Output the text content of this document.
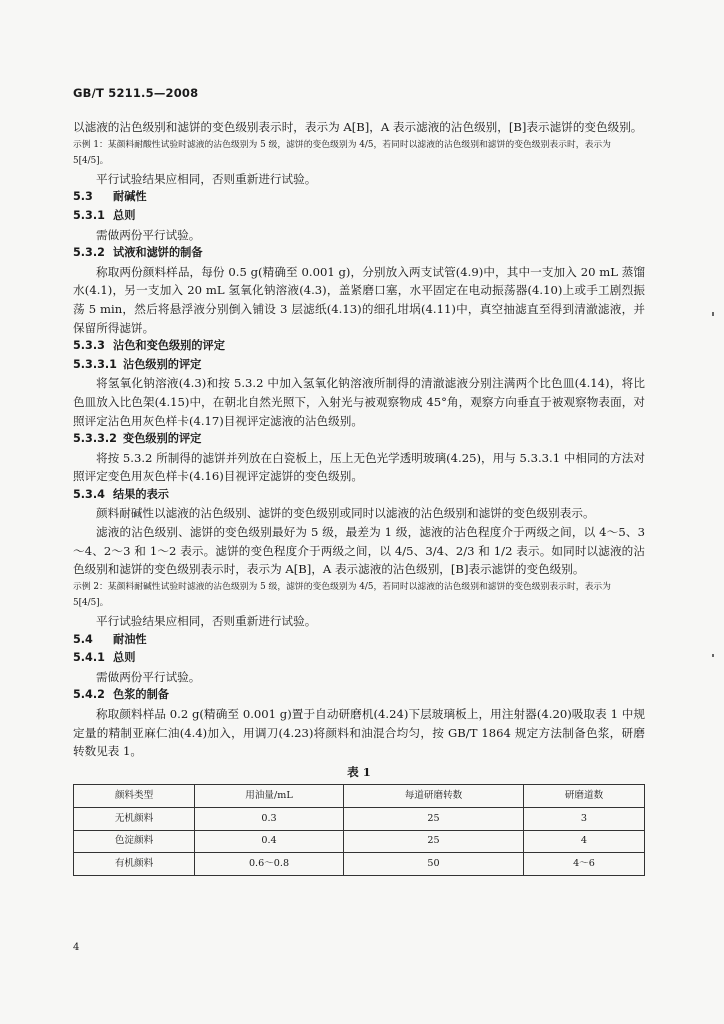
GB/T 5211.5—2008

以滤液的沾色级别和滤饼的变色级别表示时，表示为 A[B]，A 表示滤液的沾色级别，[B]表示滤饼的变色级别。

示例 1：某颜料耐酸性试验时滤液的沾色级别为 5 级，滤饼的变色级别为 4/5，若同时以滤液的沾色级别和滤饼的变色级别表示时，表示为 5[4/5]。

平行试验结果应相同，否则重新进行试验。

5.3 耐碱性

5.3.1 总则

需做两份平行试验。

5.3.2 试液和滤饼的制备

称取两份颜料样品，每份 0.5 g(精确至 0.001 g)，分别放入两支试管(4.9)中，其中一支加入 20 mL 蒸馏水(4.1)，另一支加入 20 mL 氢氧化钠溶液(4.3)，盖紧磨口塞，水平固定在电动振荡器(4.10)上或手工剧烈振荡 5 min，然后将悬浮液分别倒入铺设 3 层滤纸(4.13)的细孔坩埚(4.11)中，真空抽滤直至得到清澈滤液，并保留所得滤饼。

5.3.3 沾色和变色级别的评定

5.3.3.1 沾色级别的评定

将氢氧化钠溶液(4.3)和按 5.3.2 中加入氢氧化钠溶液所制得的清澈滤液分别注满两个比色皿(4.14)，将比色皿放入比色架(4.15)中，在朝北自然光照下，入射光与被观察物成 45°角，观察方向垂直于被观察物表面，对照评定沾色用灰色样卡(4.17)目视评定滤液的沾色级别。

5.3.3.2 变色级别的评定

将按 5.3.2 所制得的滤饼并列放在白瓷板上，压上无色光学透明玻璃(4.25)，用与 5.3.3.1 中相同的方法对照评定变色用灰色样卡(4.16)目视评定滤饼的变色级别。

5.3.4 结果的表示

颜料耐碱性以滤液的沾色级别、滤饼的变色级别或同时以滤液的沾色级别和滤饼的变色级别表示。

滤液的沾色级别、滤饼的变色级别最好为 5 级，最差为 1 级，滤液的沾色程度介于两级之间，以 4～5、3～4、2～3 和 1～2 表示。滤饼的变色程度介于两级之间，以 4/5、3/4、2/3 和 1/2 表示。如同时以滤液的沾色级别和滤饼的变色级别表示时，表示为 A[B]，A 表示滤液的沾色级别，[B]表示滤饼的变色级别。

示例 2：某颜料耐碱性试验时滤液的沾色级别为 5 级，滤饼的变色级别为 4/5，若同时以滤液的沾色级别和滤饼的变色级别表示时，表示为 5[4/5]。

平行试验结果应相同，否则重新进行试验。

5.4 耐油性

5.4.1 总则

需做两份平行试验。

5.4.2 色浆的制备

称取颜料样品 0.2 g(精确至 0.001 g)置于自动研磨机(4.24)下层玻璃板上，用注射器(4.20)吸取表 1 中规定量的精制亚麻仁油(4.4)加入，用调刀(4.23)将颜料和油混合均匀，按 GB/T 1864 规定方法制备色浆，研磨转数见表 1。

表 1
颜料类型	用油量/mL	每道研磨转数	研磨道数
无机颜料	0.3	25	3
色淀颜料	0.4	25	4
有机颜料	0.6～0.8	50	4～6
4
